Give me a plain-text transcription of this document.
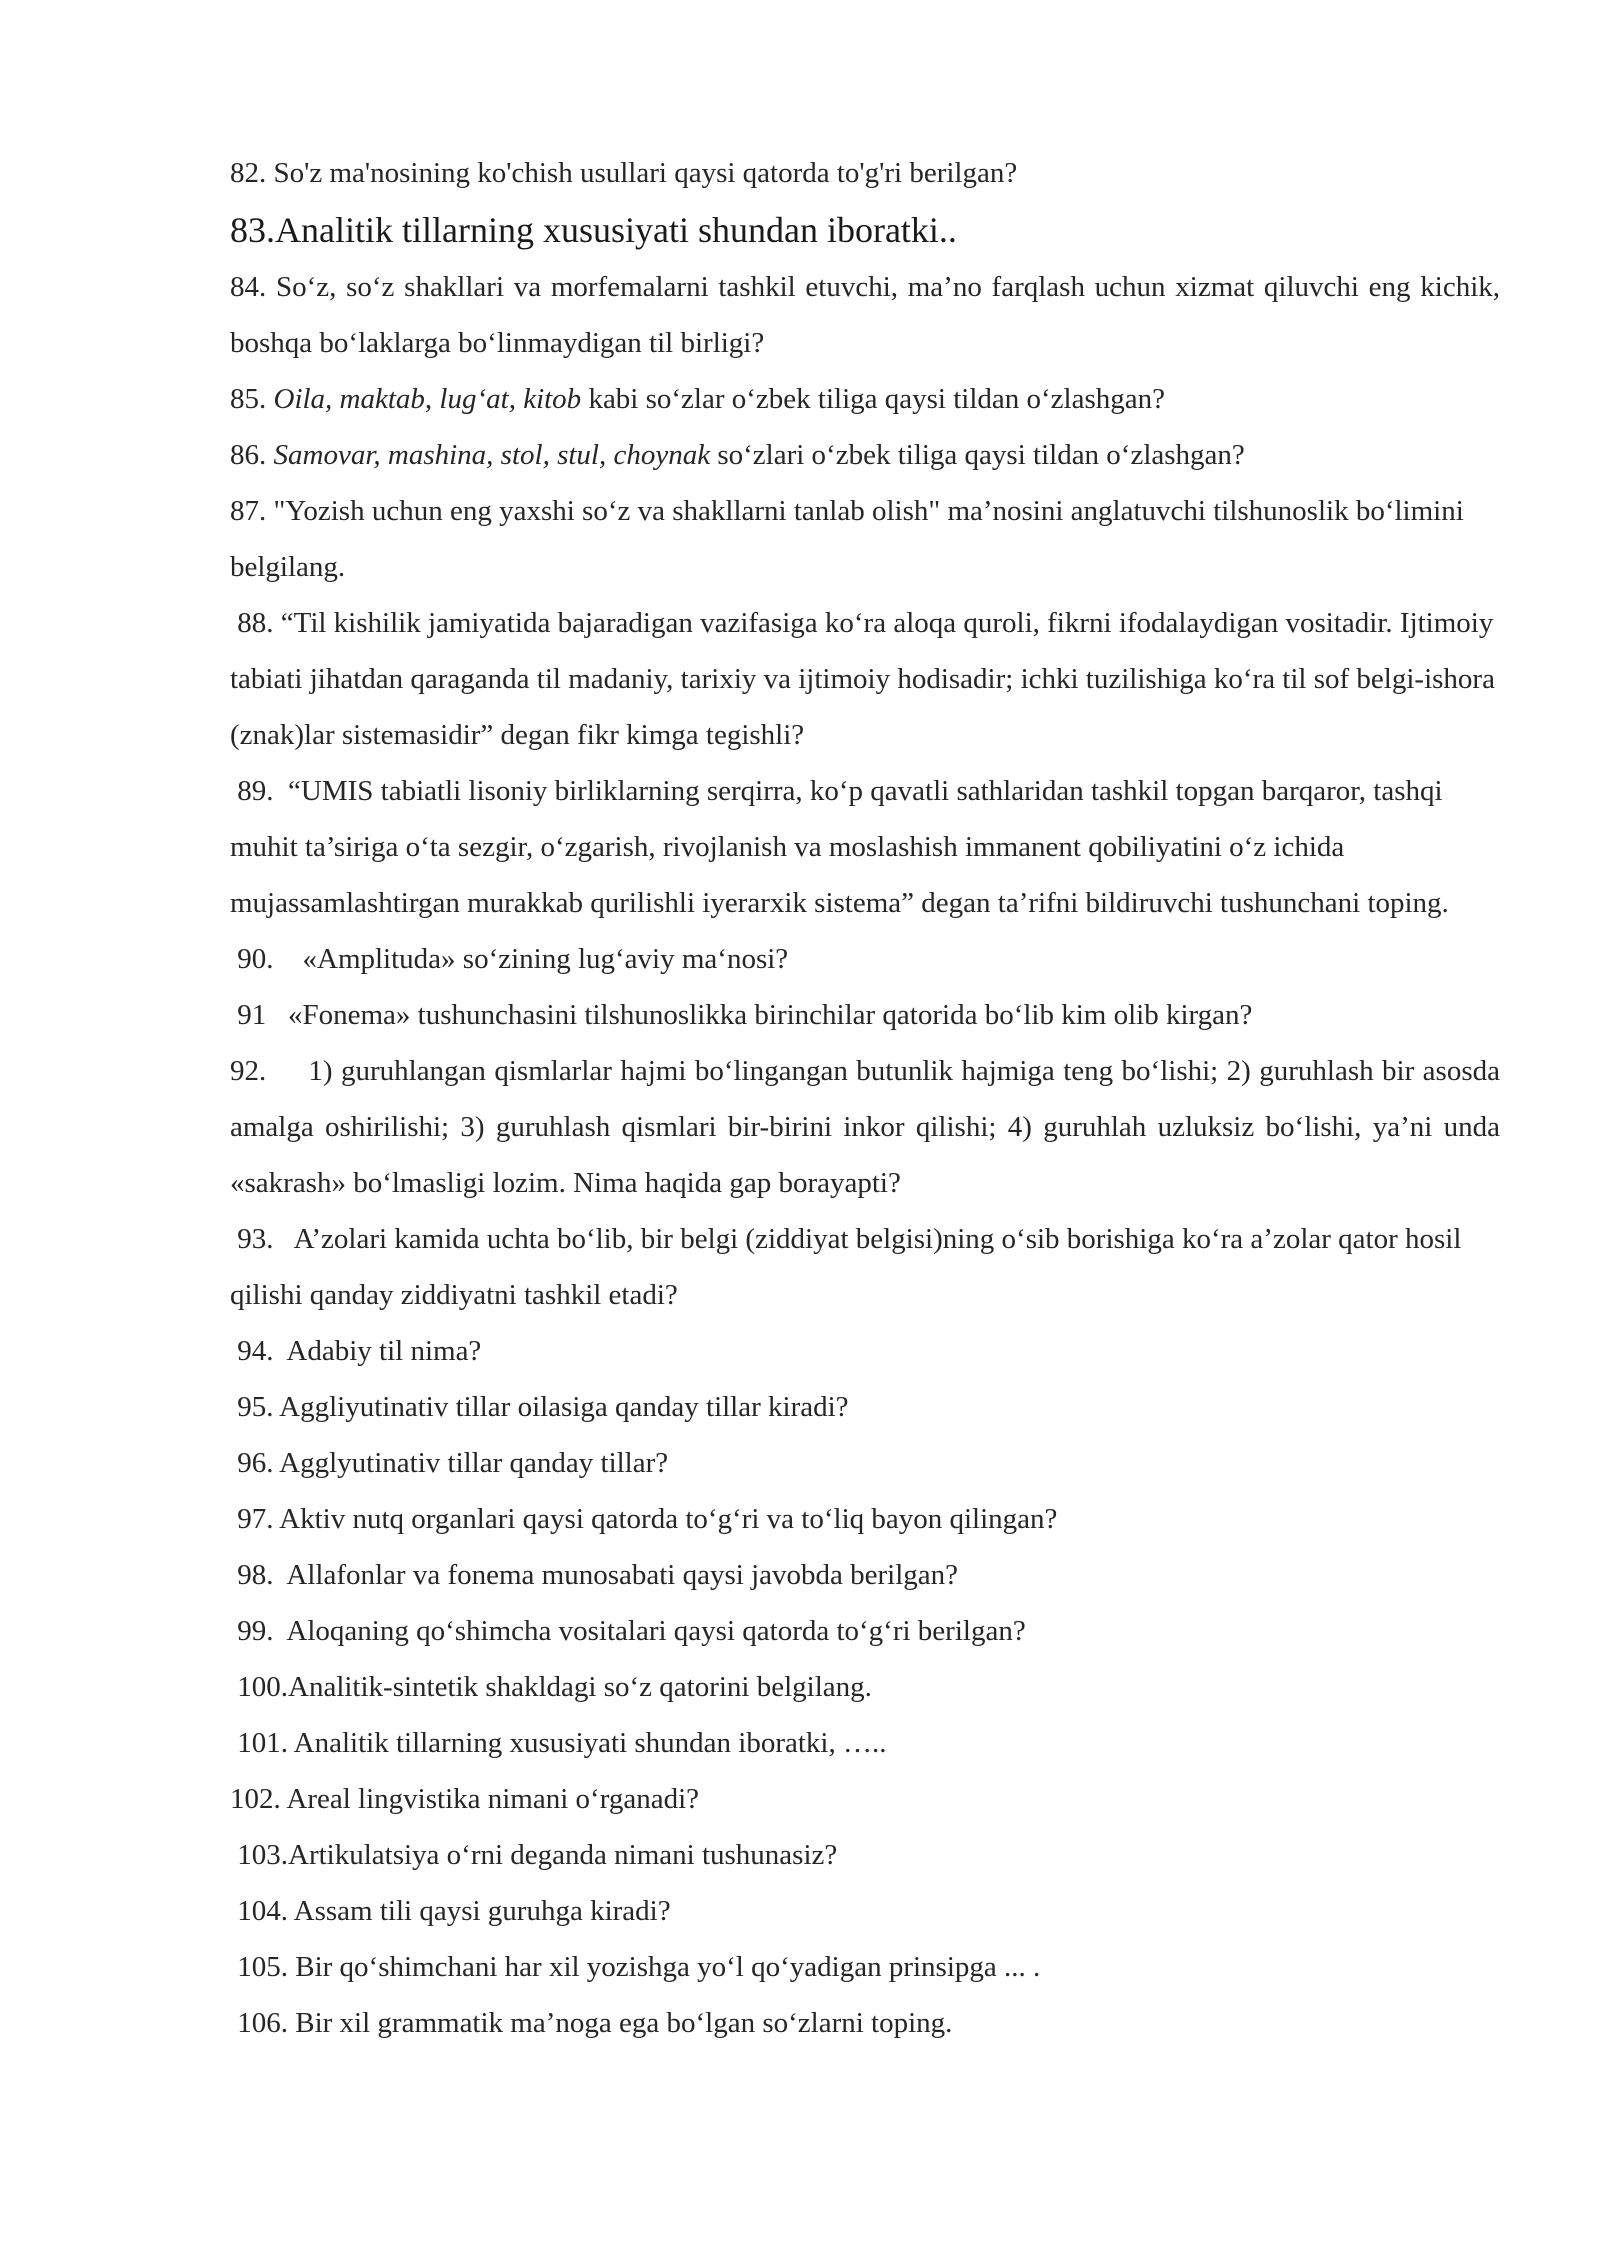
82. So'z ma'nosining ko'chish usullari qaysi qatorda to'g'ri berilgan?

83.Analitik tillarning xususiyati shundan iboratki..

84. So‘z, so‘z shakllari va morfemalarni tashkil etuvchi, ma’no farqlash uchun xizmat qiluvchi eng kichik, boshqa bo‘laklarga bo‘linmaydigan til birligi?

85. Oila, maktab, lug‘at, kitob kabi so‘zlar o‘zbek tiliga qaysi tildan o‘zlashgan?

86. Samovar, mashina, stol, stul, choynak so‘zlari o‘zbek tiliga qaysi tildan o‘zlashgan?

87. "Yozish uchun eng yaxshi so‘z va shakllarni tanlab olish" ma’nosini anglatuvchi tilshunoslik bo‘limini belgilang.

88. “Til kishilik jamiyatida bajaradigan vazifasiga ko‘ra aloqa quroli, fikrni ifodalaydigan vositadir. Ijtimoiy tabiati jihatdan qaraganda til madaniy, tarixiy va ijtimoiy hodisadir; ichki tuzilishiga ko‘ra til sof belgi-ishora (znak)lar sistemasidir” degan fikr kimga tegishli?

89.  “UMIS tabiatli lisoniy birliklarning serqirra, ko‘p qavatli sathlaridan tashkil topgan barqaror, tashqi muhit ta’siriga o‘ta sezgir, o‘zgarish, rivojlanish va moslashish immanent qobiliyatini o‘z ichida mujassamlashtirgan murakkab qurilishli iyerarxik sistema” degan ta’rifni bildiruvchi tushunchani toping.

90.    «Amplituda» so‘zining lug‘aviy ma‘nosi?

91   «Fonema» tushunchasini tilshunoslikka birinchilar qatorida bo‘lib kim olib kirgan?

92.     1) guruhlangan qismlarlar hajmi bo‘lingangan butunlik hajmiga teng bo‘lishi; 2) guruhlash bir asosda amalga oshirilishi; 3) guruhlash qismlari bir-birini inkor qilishi; 4) guruhlah uzluksiz bo‘lishi, ya’ni unda «sakrash» bo‘lmasligi lozim. Nima haqida gap borayapti?

93.   A’zolari kamida uchta bo‘lib, bir belgi (ziddiyat belgisi)ning o‘sib borishiga ko‘ra a’zolar qator hosil qilishi qanday ziddiyatni tashkil etadi?

94.  Adabiy til nima?

95. Aggliyutinativ tillar oilasiga qanday tillar kiradi?

96. Agglyutinativ tillar qanday tillar?

97. Aktiv nutq organlari qaysi qatorda to‘g‘ri va to‘liq bayon qilingan?

98.  Allafonlar va fonema munosabati qaysi javobda berilgan?

99.  Aloqaning qo‘shimcha vositalari qaysi qatorda to‘g‘ri berilgan?

100.Analitik-sintetik shakldagi so‘z qatorini belgilang.

101. Analitik tillarning xususiyati shundan iboratki, …..

102. Areal lingvistika nimani o‘rganadi?

103.Artikulatsiya o‘rni deganda nimani tushunasiz?

104. Assam tili qaysi guruhga kiradi?

105. Bir qo‘shimchani har xil yozishga yo‘l qo‘yadigan prinsipga ... .

106. Bir xil grammatik ma’noga ega bo‘lgan so‘zlarni toping.
